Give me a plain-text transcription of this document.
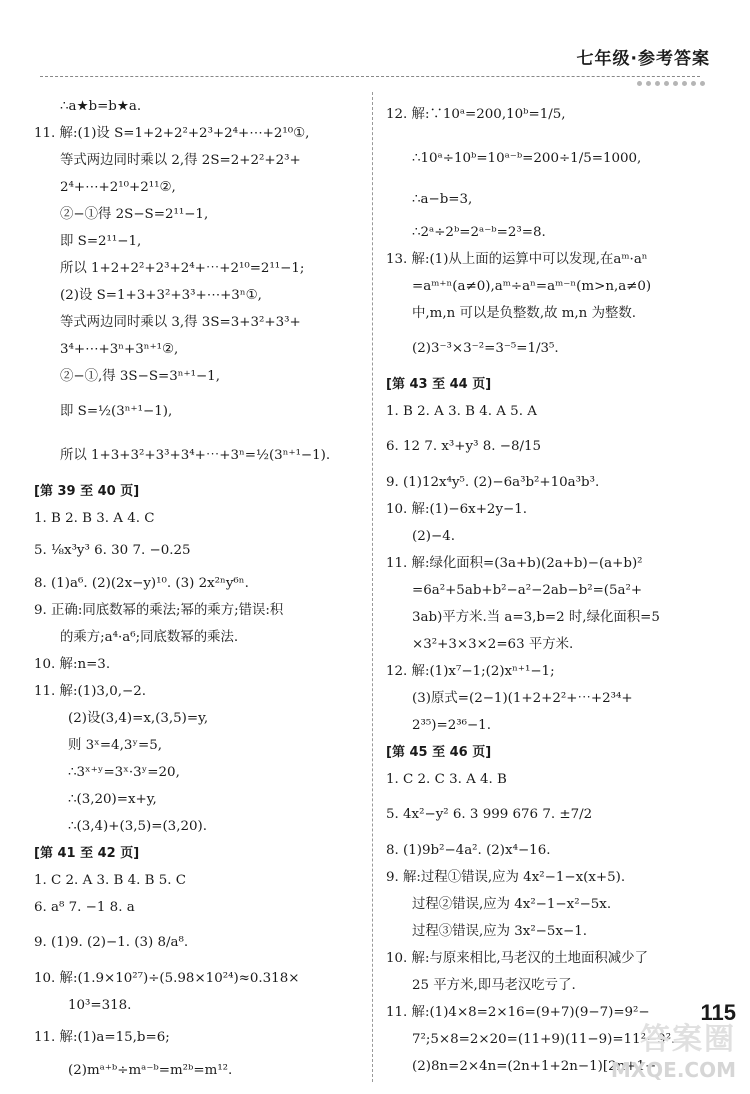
七年级·参考答案
∴a★b=b★a.
11. 解:(1)设 S=1+2+2²+2³+2⁴+⋯+2¹⁰①,
等式两边同时乘以 2,得 2S=2+2²+2³+
2⁴+⋯+2¹⁰+2¹¹②,
②−①得 2S−S=2¹¹−1,
即 S=2¹¹−1,
所以 1+2+2²+2³+2⁴+⋯+2¹⁰=2¹¹−1;
(2)设 S=1+3+3²+3³+⋯+3ⁿ①,
等式两边同时乘以 3,得 3S=3+3²+3³+
3⁴+⋯+3ⁿ+3ⁿ⁺¹②,
②−①,得 3S−S=3ⁿ⁺¹−1,
即 S=½(3ⁿ⁺¹−1),
所以 1+3+3²+3³+3⁴+⋯+3ⁿ=½(3ⁿ⁺¹−1).
[第 39 至 40 页]
1. B 2. B 3. A 4. C
5. ⅛x³y³ 6. 30 7. −0.25
8. (1)a⁶. (2)(2x−y)¹⁰. (3) 2x²ⁿy⁶ⁿ.
9. 正确:同底数幂的乘法;幂的乘方;错误:积
的乘方;a⁴·a⁶;同底数幂的乘法.
10. 解:n=3.
11. 解:(1)3,0,−2.
(2)设(3,4)=x,(3,5)=y,
则 3ˣ=4,3ʸ=5,
∴3ˣ⁺ʸ=3ˣ·3ʸ=20,
∴(3,20)=x+y,
∴(3,4)+(3,5)=(3,20).
[第 41 至 42 页]
1. C 2. A 3. B 4. B 5. C
6. a⁸ 7. −1 8. a
9. (1)9. (2)−1. (3) 8/a⁸.
10. 解:(1.9×10²⁷)÷(5.98×10²⁴)≈0.318×
10³=318.
11. 解:(1)a=15,b=6;
(2)mᵃ⁺ᵇ÷mᵃ⁻ᵇ=m²ᵇ=m¹².
12. 解:∵10ᵃ=200,10ᵇ=1/5,
∴10ᵃ÷10ᵇ=10ᵃ⁻ᵇ=200÷1/5=1000,
∴a−b=3,
∴2ᵃ÷2ᵇ=2ᵃ⁻ᵇ=2³=8.
13. 解:(1)从上面的运算中可以发现,在aᵐ·aⁿ
=aᵐ⁺ⁿ(a≠0),aᵐ÷aⁿ=aᵐ⁻ⁿ(m>n,a≠0)
中,m,n 可以是负整数,故 m,n 为整数.
(2)3⁻³×3⁻²=3⁻⁵=1/3⁵.
[第 43 至 44 页]
1. B 2. A 3. B 4. A 5. A
6. 12 7. x³+y³ 8. −8/15
9. (1)12x⁴y⁵. (2)−6a³b²+10a³b³.
10. 解:(1)−6x+2y−1.
(2)−4.
11. 解:绿化面积=(3a+b)(2a+b)−(a+b)²
=6a²+5ab+b²−a²−2ab−b²=(5a²+
3ab)平方米.当 a=3,b=2 时,绿化面积=5
×3²+3×3×2=63 平方米.
12. 解:(1)x⁷−1;(2)xⁿ⁺¹−1;
(3)原式=(2−1)(1+2+2²+⋯+2³⁴+
2³⁵)=2³⁶−1.
[第 45 至 46 页]
1. C 2. C 3. A 4. B
5. 4x²−y² 6. 3 999 676 7. ±7/2
8. (1)9b²−4a². (2)x⁴−16.
9. 解:过程①错误,应为 4x²−1−x(x+5).
过程②错误,应为 4x²−1−x²−5x.
过程③错误,应为 3x²−5x−1.
10. 解:与原来相比,马老汉的土地面积减少了
25 平方米,即马老汉吃亏了.
11. 解:(1)4×8=2×16=(9+7)(9−7)=9²−
7²;5×8=2×20=(11+9)(11−9)=11²−9².
(2)8n=2×4n=(2n+1+2n−1)[2n+1−
115
答案圈
MXQE.COM
